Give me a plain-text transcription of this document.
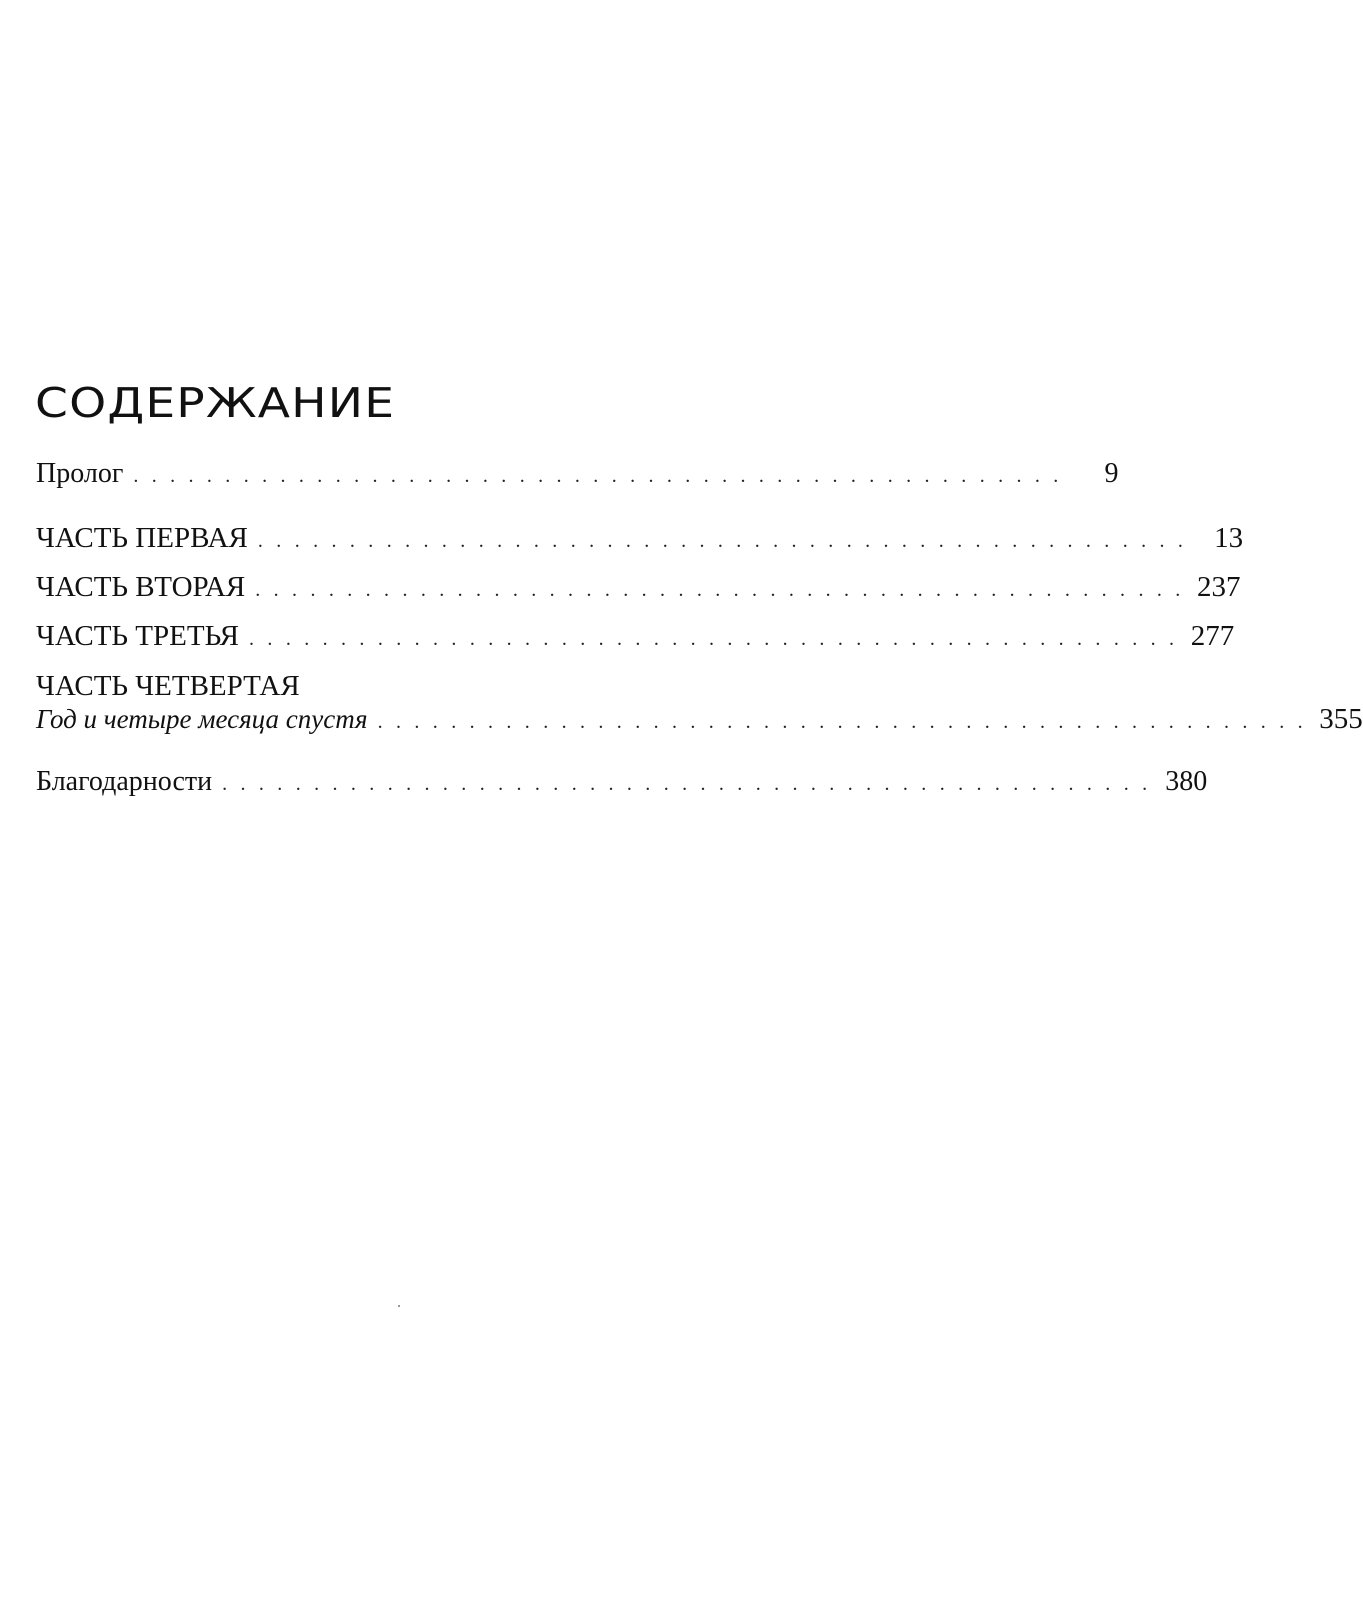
СОДЕРЖАНИЕ
Пролог . . . . . . . . . . . . . . . . . . . . . . . . . . . . . . . . . . . . . . . . . . . . . . . . . . .	9
ЧАСТЬ ПЕРВАЯ . . . . . . . . . . . . . . . . . . . . . . . . . . . . . . . . . . . . . . . . . . . . . . . . . . . 13
ЧАСТЬ ВТОРАЯ . . . . . . . . . . . . . . . . . . . . . . . . . . . . . . . . . . . . . . . . . . . . . . . . . . . 237
ЧАСТЬ ТРЕТЬЯ . . . . . . . . . . . . . . . . . . . . . . . . . . . . . . . . . . . . . . . . . . . . . . . . . . . 277
ЧАСТЬ ЧЕТВЕРТАЯ
Год и четыре месяца спустя . . . . . . . . . . . . . . . . . . . . . . . . . . . . . . . . . . . . . . . . . . . . . . . . . . . 355
Благодарности . . . . . . . . . . . . . . . . . . . . . . . . . . . . . . . . . . . . . . . . . . . . . . . . . . . 380
